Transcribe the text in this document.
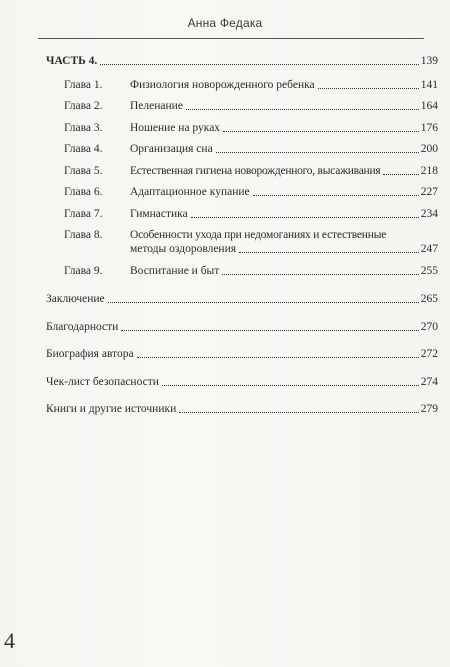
Анна Федака
ЧАСТЬ 4.	139
Глава 1. Физиология новорожденного ребенка	141
Глава 2. Пеленание	164
Глава 3. Ношение на руках	176
Глава 4. Организация сна	200
Глава 5. Естественная гигиена новорожденного, высаживания	218
Глава 6. Адаптационное купание	227
Глава 7. Гимнастика	234
Глава 8.	Особенности ухода при недомоганиях и естественные
методы оздоровления	247
Глава 9. Воспитание и быт	255
Заключение	265
Благодарности	270
Биография автора	272
Чек-лист безопасности	274
Книги и другие источники	279
4
